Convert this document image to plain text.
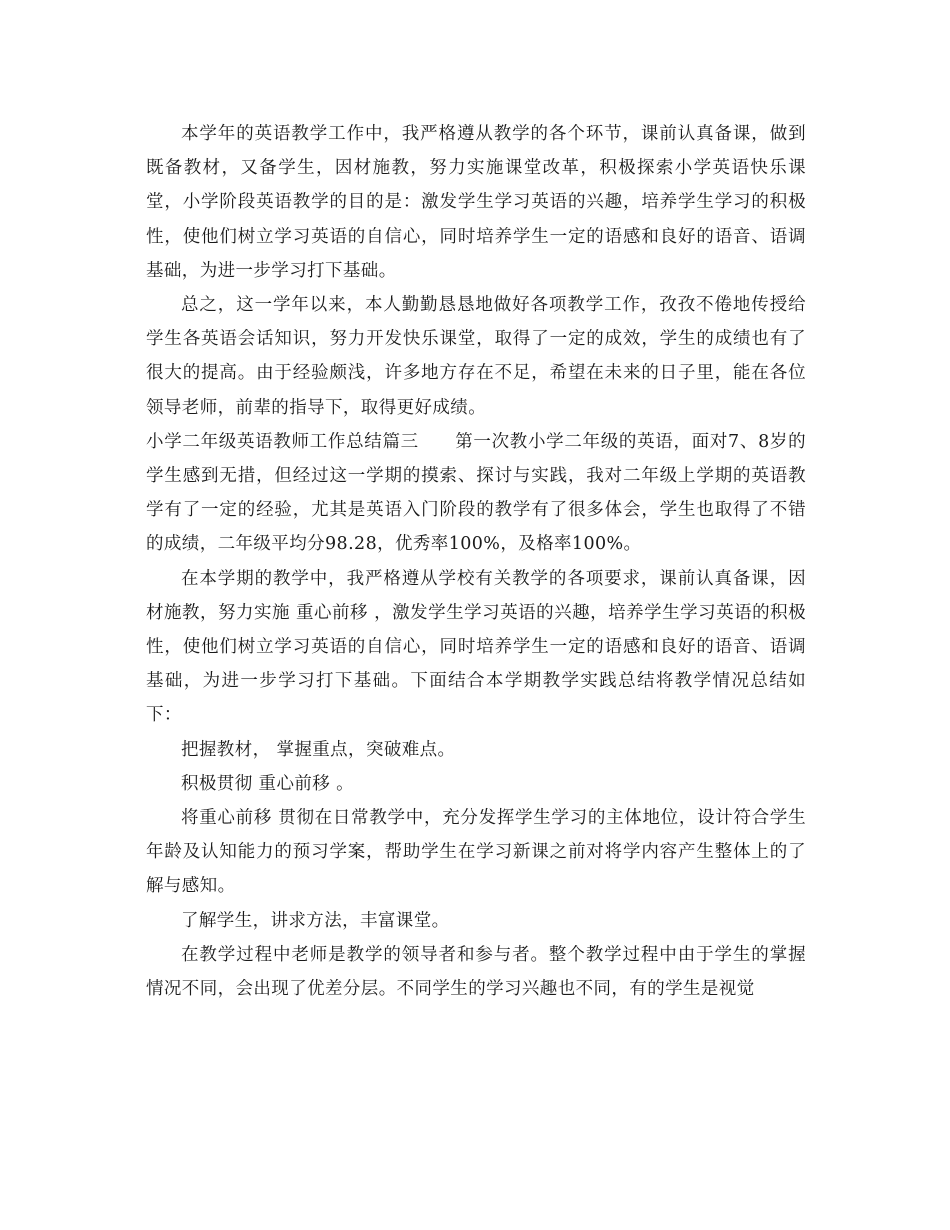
本学年的英语教学工作中，我严格遵从教学的各个环节，课前认真备课，做到既备教材，又备学生，因材施教，努力实施课堂改革，积极探索小学英语快乐课堂，小学阶段英语教学的目的是：激发学生学习英语的兴趣，培养学生学习的积极性，使他们树立学习英语的自信心，同时培养学生一定的语感和良好的语音、语调基础，为进一步学习打下基础。

总之，这一学年以来，本人勤勤恳恳地做好各项教学工作，孜孜不倦地传授给学生各英语会话知识，努力开发快乐课堂，取得了一定的成效，学生的成绩也有了很大的提高。由于经验颇浅，许多地方存在不足，希望在未来的日子里，能在各位领导老师，前辈的指导下，取得更好成绩。

小学二年级英语教师工作总结篇三　　第一次教小学二年级的英语，面对7、8岁的学生感到无措，但经过这一学期的摸索、探讨与实践，我对二年级上学期的英语教学有了一定的经验，尤其是英语入门阶段的教学有了很多体会，学生也取得了不错的成绩，二年级平均分98.28，优秀率100%，及格率100%。

在本学期的教学中，我严格遵从学校有关教学的各项要求，课前认真备课，因材施教，努力实施 重心前移 ，激发学生学习英语的兴趣，培养学生学习英语的积极性，使他们树立学习英语的自信心，同时培养学生一定的语感和良好的语音、语调基础，为进一步学习打下基础。下面结合本学期教学实践总结将教学情况总结如下：

把握教材， 掌握重点，突破难点。

积极贯彻 重心前移 。

将重心前移 贯彻在日常教学中，充分发挥学生学习的主体地位，设计符合学生年龄及认知能力的预习学案，帮助学生在学习新课之前对将学内容产生整体上的了解与感知。

了解学生，讲求方法，丰富课堂。

在教学过程中老师是教学的领导者和参与者。整个教学过程中由于学生的掌握情况不同，会出现了优差分层。不同学生的学习兴趣也不同，有的学生是视觉
